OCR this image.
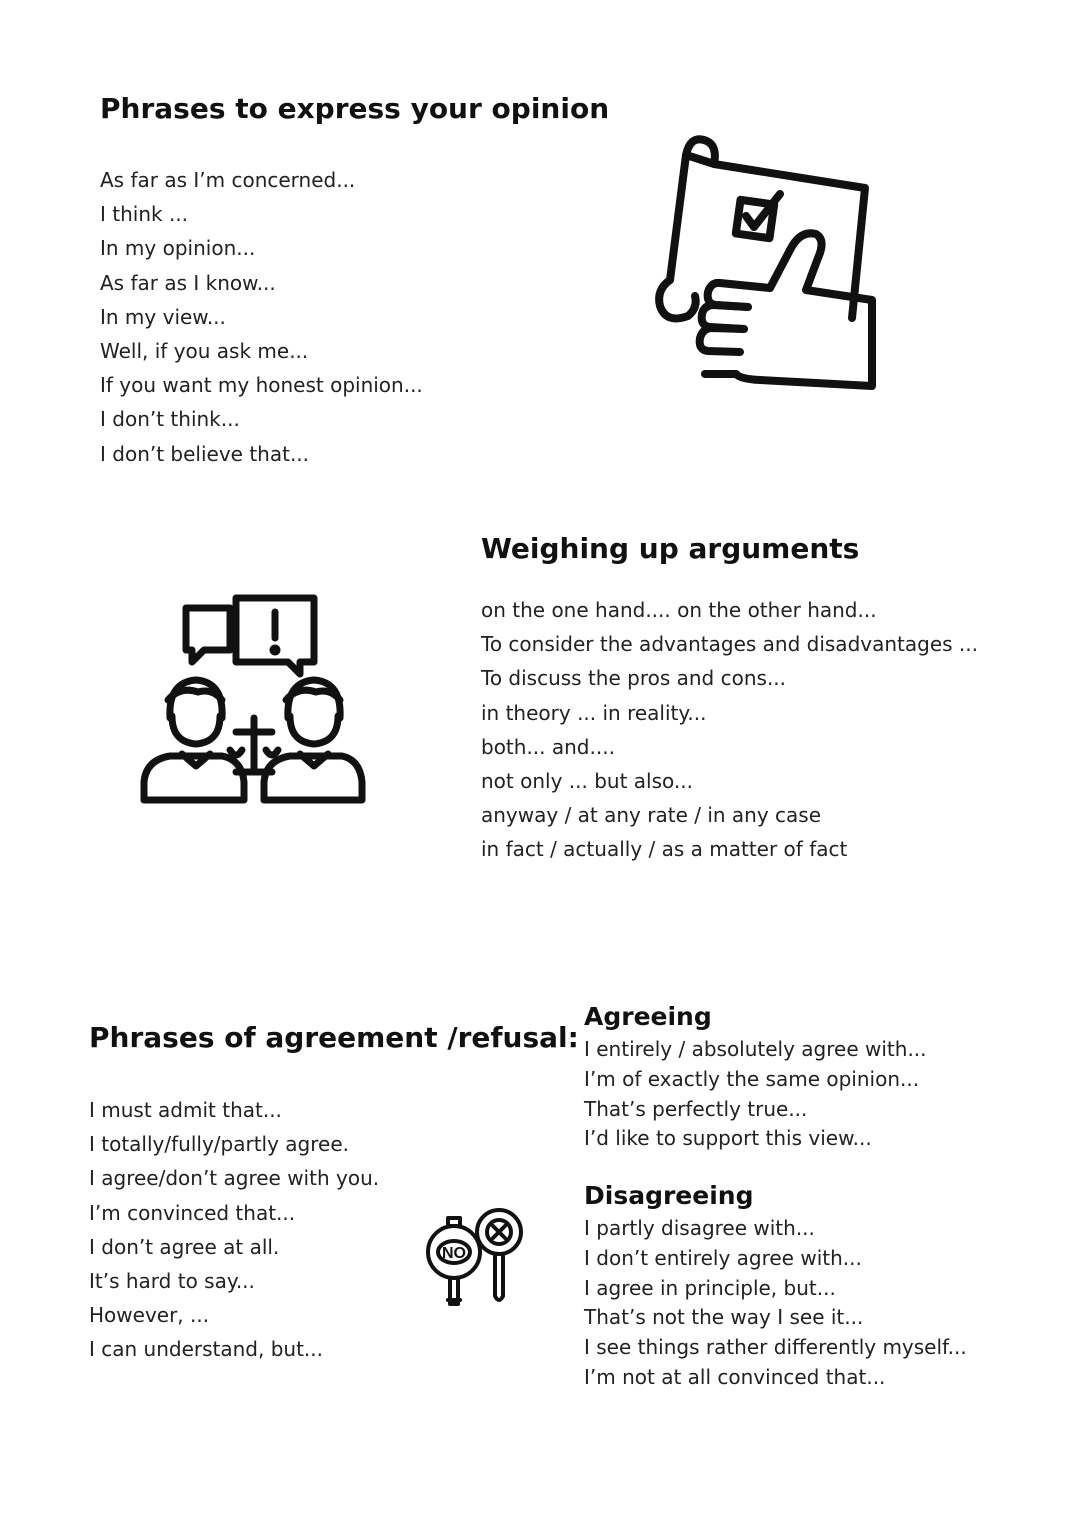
Phrases to express your opinion
As far as I’m concerned...
I think ...
In my opinion...
As far as I know...
In my view...
Well, if you ask me...
If you want my honest opinion...
I don’t think...
I don’t believe that...
Weighing up arguments
on the one hand.... on the other hand...
To consider the advantages and disadvantages ...
To discuss the pros and cons...
in theory ... in reality...
both... and....
not only ... but also...
anyway / at any rate / in any case
in fact / actually / as a matter of fact
Phrases of agreement /refusal:
I must admit that...
I totally/fully/partly agree.
I agree/don’t agree with you.
I’m convinced that...
I don’t agree at all.
It’s hard to say...
However, ...
I can understand, but...
NO
Agreeing
I entirely / absolutely agree with...
I’m of exactly the same opinion...
That’s perfectly true...
I’d like to support this view...
Disagreeing
I partly disagree with...
I don’t entirely agree with...
I agree in principle, but...
That’s not the way I see it...
I see things rather differently myself...
I’m not at all convinced that...
